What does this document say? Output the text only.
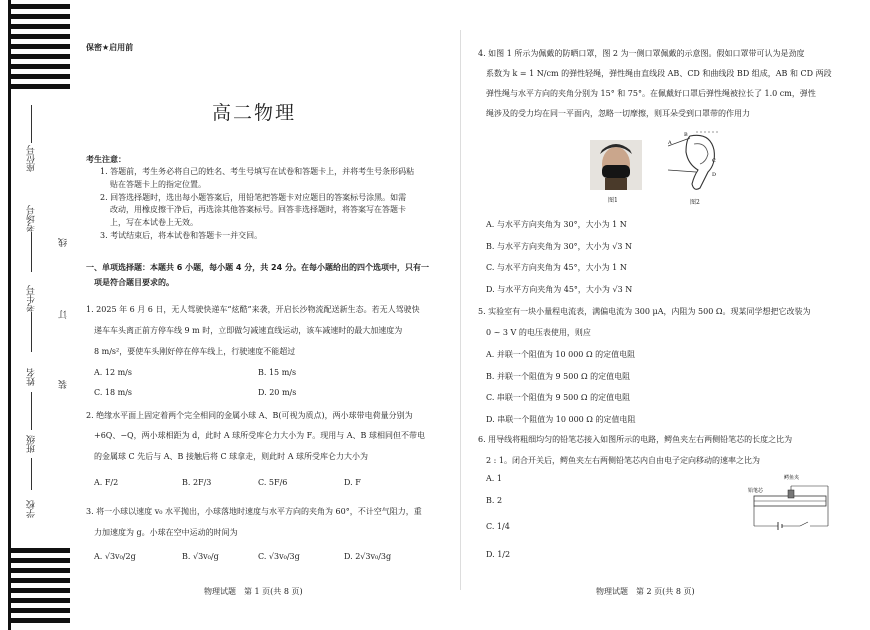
座位号
考场号
考生号
姓名
班级
学校
线
订
装
保密★启用前
高二物理
考生注意：
1. 答题前，考生务必将自己的姓名、考生号填写在试卷和答题卡上，并将考生号条形码粘
贴在答题卡上的指定位置。
2. 回答选择题时，选出每小题答案后，用铅笔把答题卡对应题目的答案标号涂黑。如需
改动，用橡皮擦干净后，再选涂其他答案标号。回答非选择题时，将答案写在答题卡
上，写在本试卷上无效。
3. 考试结束后，将本试卷和答题卡一并交回。
一、单项选择题：本题共 6 小题，每小题 4 分，共 24 分。在每小题给出的四个选项中，只有一
项是符合题目要求的。
1. 2025 年 6 月 6 日，无人驾驶快递车“炫酷”来袭，开启长沙物流配送新生态。若无人驾驶快
递车车头离正前方停车线 9 m 时，立即做匀减速直线运动，该车减速时的最大加速度为
8 m/s²，要使车头刚好停在停车线上，行驶速度不能超过
A. 12 m/s	B. 15 m/s
C. 18 m/s	D. 20 m/s
2. 绝缘水平面上固定着两个完全相同的金属小球 A、B(可视为质点)，两小球带电荷量分别为
+6Q、−Q，两小球相距为 d，此时 A 球所受库仑力大小为 F。现用与 A、B 球相同但不带电
的金属球 C 先后与 A、B 接触后将 C 球拿走，则此时 A 球所受库仑力大小为
A. F/2	B. 2F/3	C. 5F/6	D. F
3. 将一小球以速度 v₀ 水平抛出，小球落地时速度与水平方向的夹角为 60°，不计空气阻力，重
力加速度为 g。小球在空中运动的时间为
A. √3v₀/2g	B. √3v₀/g	C. √3v₀/3g	D. 2√3v₀/3g
物理试题　第 1 页(共 8 页)
4. 如图 1 所示为佩戴的防晒口罩，图 2 为一侧口罩佩戴的示意图。假如口罩带可认为是劲度
系数为 k = 1 N/cm 的弹性轻绳，弹性绳由直线段 AB、CD 和曲线段 BD 组成，AB 和 CD 两段
弹性绳与水平方向的夹角分别为 15° 和 75°。在佩戴好口罩后弹性绳被拉长了 1.0 cm，弹性
绳涉及的受力均在同一平面内，忽略一切摩擦，则耳朵受到口罩带的作用力
图1
A
B
C
D
图2
A. 与水平方向夹角为 30°，大小为 1 N
B. 与水平方向夹角为 30°，大小为 √3 N
C. 与水平方向夹角为 45°，大小为 1 N
D. 与水平方向夹角为 45°，大小为 √3 N
5. 实验室有一块小量程电流表，满偏电流为 300 μA，内阻为 500 Ω。现某同学想把它改装为
0 ~ 3 V 的电压表使用，则应
A. 并联一个阻值为 10 000 Ω 的定值电阻
B. 并联一个阻值为 9 500 Ω 的定值电阻
C. 串联一个阻值为 9 500 Ω 的定值电阻
D. 串联一个阻值为 10 000 Ω 的定值电阻
6. 用导线将粗细均匀的铅笔芯接入如图所示的电路，鳄鱼夹左右两侧铅笔芯的长度之比为
2 : 1。闭合开关后，鳄鱼夹左右两侧铅笔芯内自由电子定向移动的速率之比为
A. 1
B. 2
C. 1/4
D. 1/2
鳄鱼夹
铅笔芯
物理试题　第 2 页(共 8 页)
